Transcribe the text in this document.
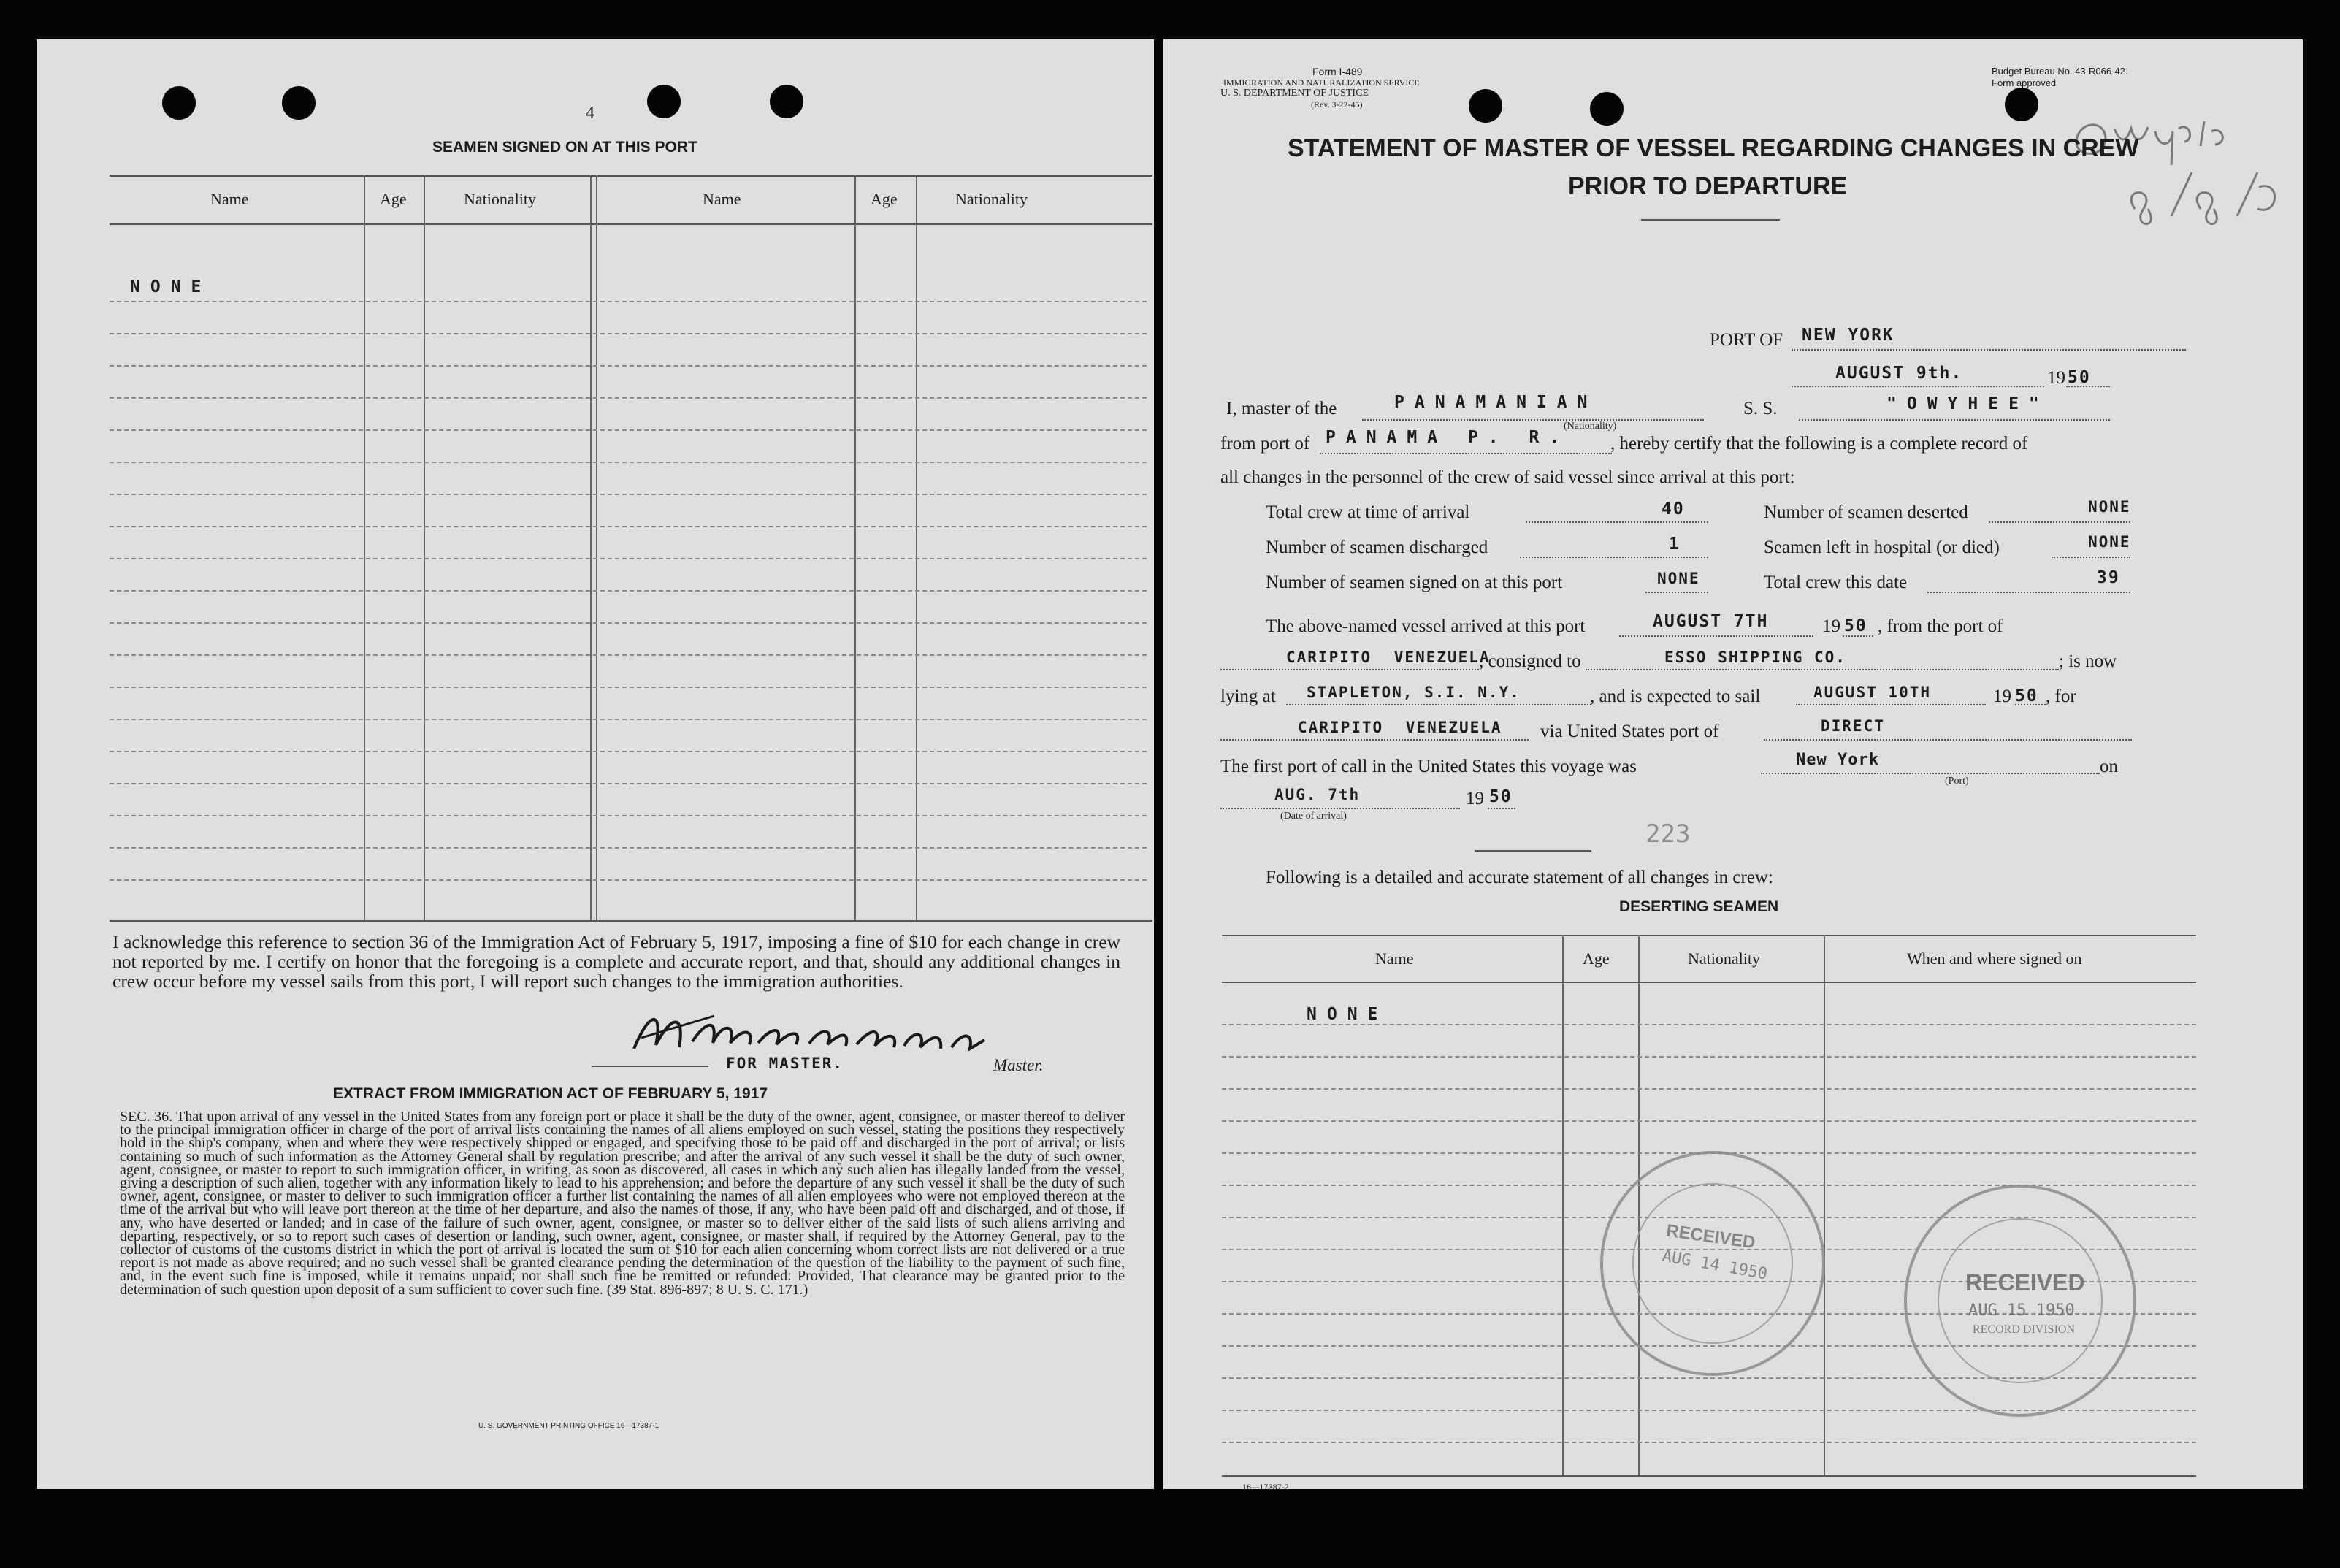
4
SEAMEN SIGNED ON AT THIS PORT
Name	Age	Nationality	Name	Age	Nationality
NONE
I acknowledge this reference to section 36 of the Immigration Act of February 5, 1917, imposing a fine of $10 for each change in crew not reported by me. I certify on honor that the foregoing is a complete and accurate report, and that, should any additional changes in crew occur before my vessel sails from this port, I will report such changes to the immigration authorities.
FOR MASTER.	Master.
EXTRACT FROM IMMIGRATION ACT OF FEBRUARY 5, 1917
SEC. 36. That upon arrival of any vessel in the United States from any foreign port or place it shall be the duty of the owner, agent, consignee, or master thereof to deliver to the principal immigration officer in charge of the port of arrival lists containing the names of all aliens employed on such vessel, stating the positions they respectively hold in the ship's company, when and where they were respectively shipped or engaged, and specifying those to be paid off and discharged in the port of arrival; or lists containing so much of such information as the Attorney General shall by regulation prescribe; and after the arrival of any such vessel it shall be the duty of such owner, agent, consignee, or master to report to such immigration officer, in writing, as soon as discovered, all cases in which any such alien has illegally landed from the vessel, giving a description of such alien, together with any information likely to lead to his apprehension; and before the departure of any such vessel it shall be the duty of such owner, agent, consignee, or master to deliver to such immigration officer a further list containing the names of all alien employees who were not employed thereon at the time of the arrival but who will leave port thereon at the time of her departure, and also the names of those, if any, who have been paid off and discharged, and of those, if any, who have deserted or landed; and in case of the failure of such owner, agent, consignee, or master so to deliver either of the said lists of such aliens arriving and departing, respectively, or so to report such cases of desertion or landing, such owner, agent, consignee, or master shall, if required by the Attorney General, pay to the collector of customs of the customs district in which the port of arrival is located the sum of $10 for each alien concerning whom correct lists are not delivered or a true report is not made as above required; and no such vessel shall be granted clearance pending the determination of the question of the liability to the payment of such fine, and, in the event such fine is imposed, while it remains unpaid; nor shall such fine be remitted or refunded: Provided, That clearance may be granted prior to the determination of such question upon deposit of a sum sufficient to cover such fine. (39 Stat. 896-897; 8 U. S. C. 171.)
U. S. GOVERNMENT PRINTING OFFICE 16—17387-1
Form I-489
IMMIGRATION AND NATURALIZATION SERVICE
U. S. DEPARTMENT OF JUSTICE
(Rev. 3-22-45)
Budget Bureau No. 43-R066-42.
Form approved
STATEMENT OF MASTER OF VESSEL REGARDING CHANGES IN CREW
PRIOR TO DEPARTURE
PORT OF NEW YORK
AUGUST 9th.	19 50
I, master of the	PANAMANIAN
(Nationality)
S. S.	"OWYHEE"
from port of PANAMA P. R. , hereby certify that the following is a complete record of
all changes in the personnel of the crew of said vessel since arrival at this port:
Total crew at time of arrival	40
Number of seamen discharged	1
Number of seamen signed on at this port	NONE
Number of seamen deserted	NONE
Seamen left in hospital (or died)	NONE
Total crew this date	39
The above-named vessel arrived at this port	AUGUST 7TH	19 50 , from the port of
CARIPITO VENEZUELA
, consigned to	ESSO SHIPPING CO.	; is now
lying at STAPLETON, S.I. N.Y.	, and is expected to sail	AUGUST 10TH	19 50 , for
CARIPITO VENEZUELA via United States port of	DIRECT
The first port of call in the United States this voyage was	New York
(Port)
on
AUG. 7th
(Date of arrival)
19 50
223
Following is a detailed and accurate statement of all changes in crew:
DESERTING SEAMEN
Name	Age	Nationality	When and where signed on
NONE
RECEIVED
AUG 14 1950	RECEIVED
AUG 15 1950
RECORD DIVISION
16—17387-2
